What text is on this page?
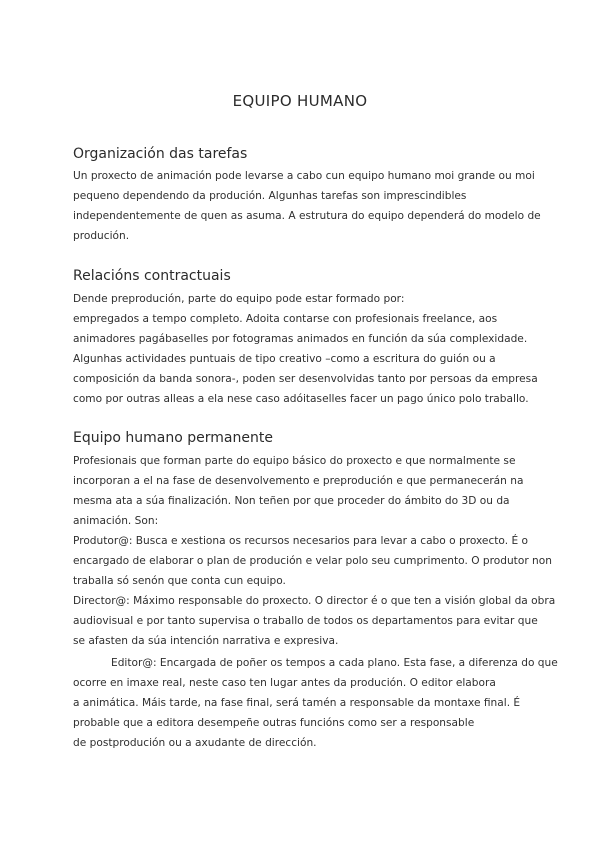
EQUIPO HUMANO
Organización das tarefas
Un proxecto de animación pode levarse a cabo cun equipo humano moi grande ou moi
pequeno dependendo da produción. Algunhas tarefas son imprescindibles
independentemente de quen as asuma. A estrutura do equipo dependerá do modelo de
produción.
Relacións contractuais
Dende preprodución, parte do equipo pode estar formado por:
empregados a tempo completo. Adoita contarse con profesionais freelance, aos
animadores pagábaselles por fotogramas animados en función da súa complexidade.
Algunhas actividades puntuais de tipo creativo –como a escritura do guión ou a
composición da banda sonora-, poden ser desenvolvidas tanto por persoas da empresa
como por outras alleas a ela nese caso adóitaselles facer un pago único polo traballo.
Equipo humano permanente
Profesionais que forman parte do equipo básico do proxecto e que normalmente se
incorporan a el na fase de desenvolvemento e preprodución e que permanecerán na
mesma ata a súa finalización. Non teñen por que proceder do ámbito do 3D ou da
animación. Son:
Produtor@: Busca e xestiona os recursos necesarios para levar a cabo o proxecto. É o
encargado de elaborar o plan de produción e velar polo seu cumprimento. O produtor non
traballa só senón que conta cun equipo.
Director@: Máximo responsable do proxecto. O director é o que ten a visión global da obra
audiovisual e por tanto supervisa o traballo de todos os departamentos para evitar que
se afasten da súa intención narrativa e expresiva.
Editor@: Encargada de poñer os tempos a cada plano. Esta fase, a diferenza do que
ocorre en imaxe real, neste caso ten lugar antes da produción. O editor elabora
a animática. Máis tarde, na fase final, será tamén a responsable da montaxe final. É
probable que a editora desempeñe outras funcións como ser a responsable
de postprodución ou a axudante de dirección.
